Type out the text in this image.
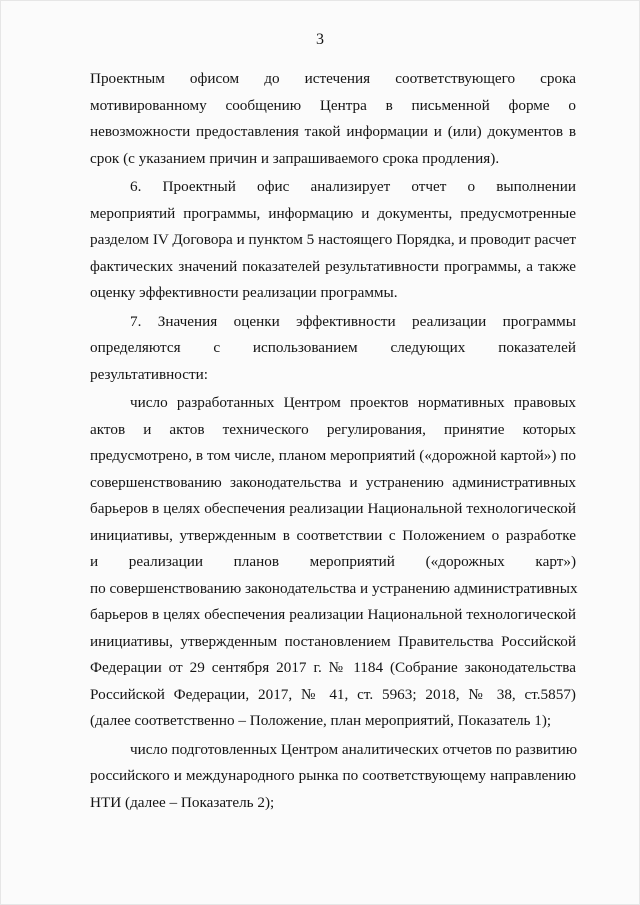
3
Проектным офисом до истечения соответствующего срока
мотивированному сообщению Центра в письменной форме о
невозможности предоставления такой информации и (или) документов в
срок (с указанием причин и запрашиваемого срока продления).
6. Проектный офис анализирует отчет о выполнении
мероприятий программы, информацию и документы, предусмотренные
разделом IV Договора и пунктом 5 настоящего Порядка, и проводит расчет
фактических значений показателей результативности программы, а также
оценку эффективности реализации программы.
7. Значения оценки эффективности реализации программы
определяются с использованием следующих показателей
результативности:
число разработанных Центром проектов нормативных правовых
актов и актов технического регулирования, принятие которых
предусмотрено, в том числе, планом мероприятий («дорожной картой») по
совершенствованию законодательства и устранению административных
барьеров в целях обеспечения реализации Национальной технологической
инициативы, утвержденным в соответствии с Положением о разработке
и реализации планов мероприятий («дорожных карт»)
по совершенствованию законодательства и устранению административных
барьеров в целях обеспечения реализации Национальной технологической
инициативы, утвержденным постановлением Правительства Российской
Федерации от 29 сентября 2017 г. № 1184 (Собрание законодательства
Российской Федерации, 2017, № 41, ст. 5963; 2018, № 38, ст.5857)
(далее соответственно – Положение, план мероприятий, Показатель 1);
число подготовленных Центром аналитических отчетов по развитию
российского и международного рынка по соответствующему направлению
НТИ (далее – Показатель 2);
